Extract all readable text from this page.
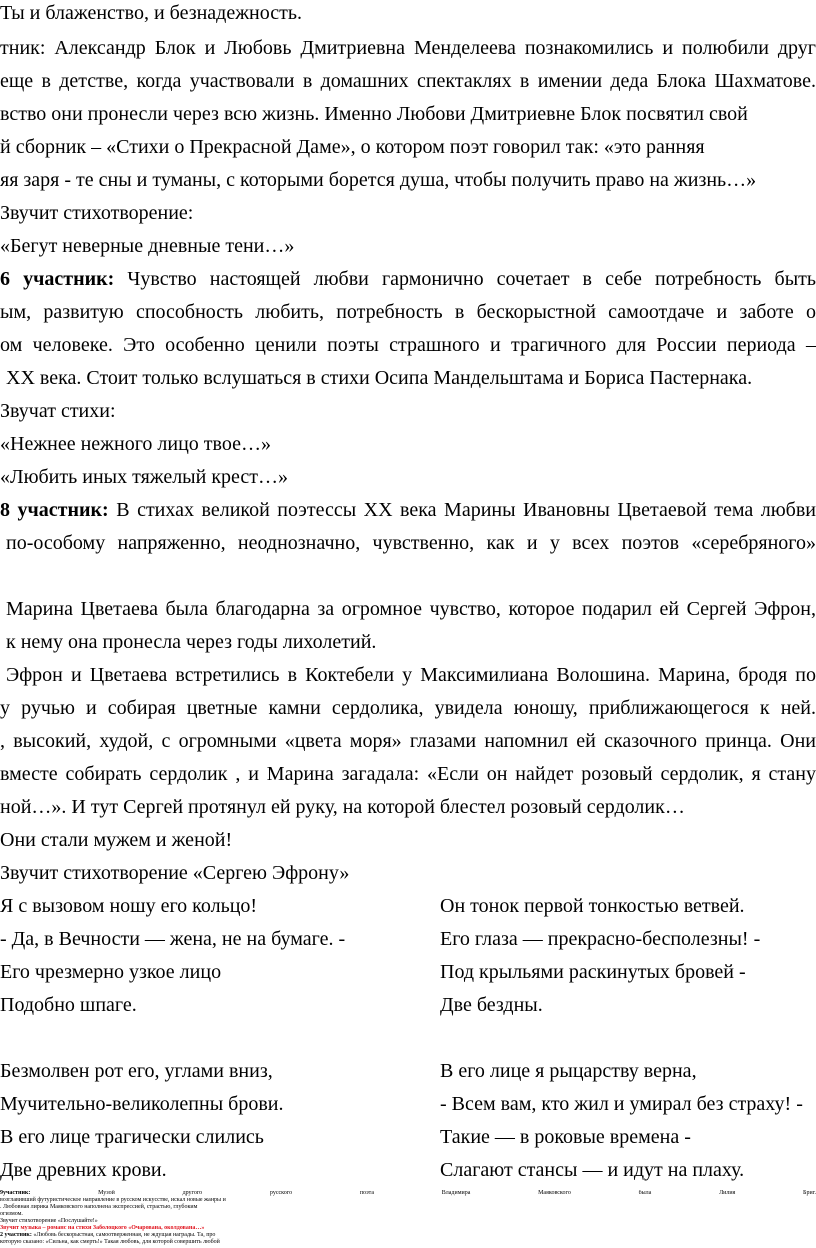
Ты и блаженство, и безнадежность.
тник: Александр Блок и Любовь Дмитриевна Менделеева познакомились и полюбили друг
еще в детстве, когда участвовали в домашних спектаклях в имении деда Блока Шахматове.
вство они пронесли через всю жизнь. Именно Любови Дмитриевне Блок посвятил свой
й сборник – «Стихи о Прекрасной Даме», о котором поэт говорил так: «это ранняя
яя заря - те сны и туманы, с которыми борется душа, чтобы получить право на жизнь…»
Звучит стихотворение:
«Бегут неверные дневные тени…»
6 участник: Чувство настоящей любви гармонично сочетает в себе потребность быть
ым, развитую способность любить, потребность в бескорыстной самоотдаче и заботе о
ом человеке. Это особенно ценили поэты страшного и трагичного для России периода –
XX века. Стоит только вслушаться в стихи Осипа Мандельштама и Бориса Пастернака.
Звучат стихи:
«Нежнее нежного лицо твое…»
«Любить иных тяжелый крест…»
8 участник: В стихах великой поэтессы XX века Марины Ивановны Цветаевой тема любви
по-особому напряженно, неоднозначно, чувственно, как и у всех поэтов «серебряного»
Марина Цветаева была благодарна за огромное чувство, которое подарил ей Сергей Эфрон,
к нему она пронесла через годы лихолетий.
Эфрон и Цветаева встретились в Коктебели у Максимилиана Волошина. Марина, бродя по
у ручью и собирая цветные камни сердолика, увидела юношу, приближающегося к ней.
, высокий, худой, с огромными «цвета моря» глазами напомнил ей сказочного принца. Они
вместе собирать сердолик , и Марина загадала: «Если он найдет розовый сердолик, я стану
ной…». И тут Сергей протянул ей руку, на которой блестел розовый сердолик…
Они стали мужем и женой!
Звучит стихотворение «Сергею Эфрону»
Я с вызовом ношу его кольцо!
- Да, в Вечности — жена, не на бумаге. -
Его чрезмерно узкое лицо
Подобно шпаге.
Безмолвен рот его, углами вниз,
Мучительно-великолепны брови.
В его лице трагически слились
Две древних крови.
Он тонок первой тонкостью ветвей.
Его глаза — прекрасно-бесполезны! -
Под крыльями раскинутых бровей -
Две бездны.
В его лице я рыцарству верна,
- Всем вам, кто жил и умирал без страху! -
Такие — в роковые времена -
Слагают стансы — и идут на плаху.
9участник: Музой другого русского поэта Владимира Маяковского была Лилия Бриг.
возглавивший футуристическое направление в русском искусстве, искал новые жанры и
. Любовная лирика Маяковского наполнена экспрессией, страстью, глубоким
огизмом.
Звучит стихотворение «Послушайте!»
Звучит музыка – романс на стихи Заболоцкого «Очарована, околдована…»
2 участник: «Любовь бескорыстная, самоотверженная, не ждущая награды. Та, про
которую сказано: «Сильна, как смерть!» Такая любовь, для которой совершить любой
